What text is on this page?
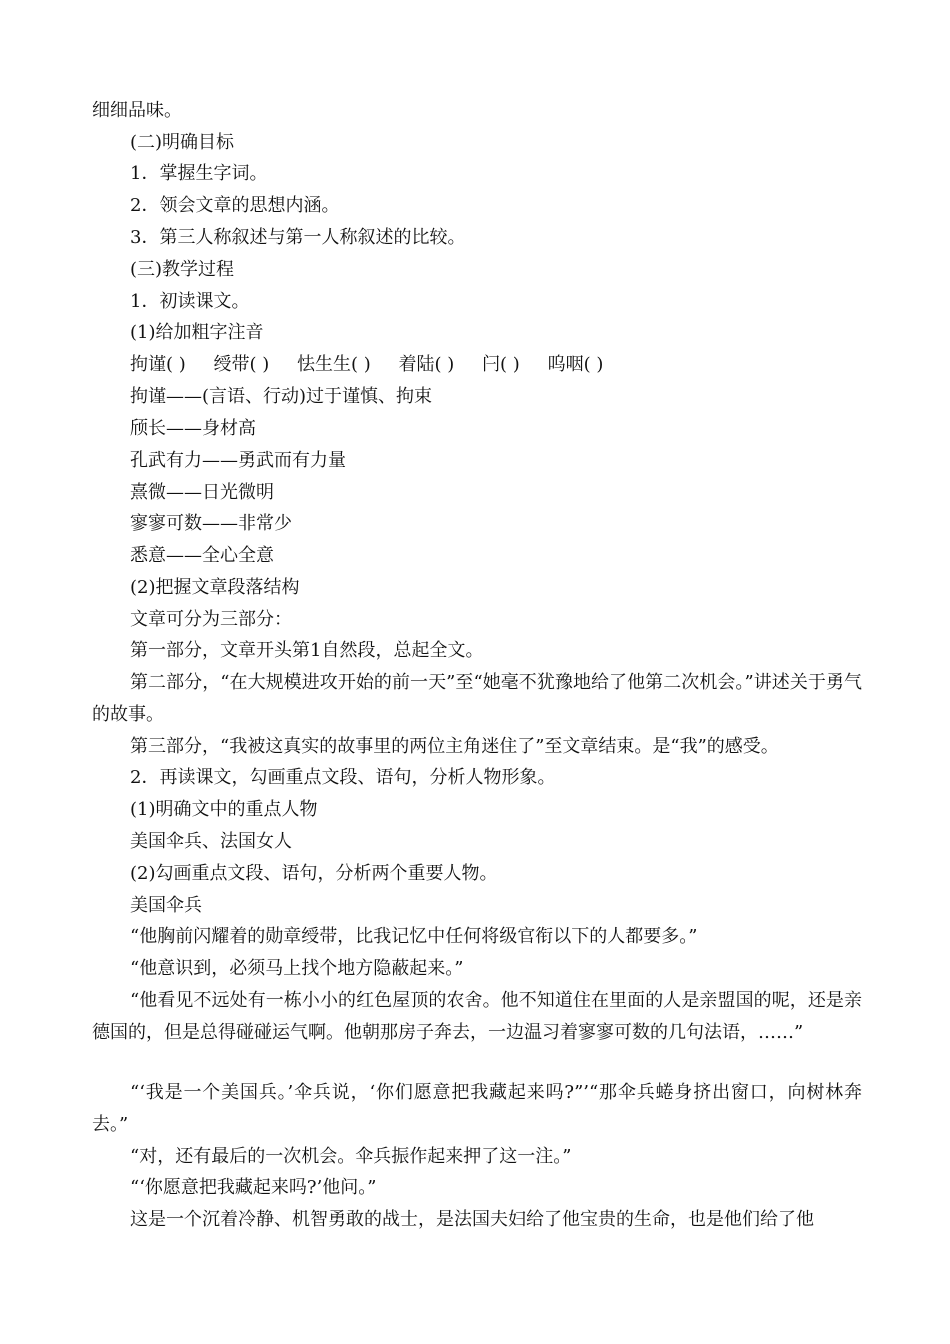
细细品味。
(二)明确目标
1．掌握生字词。
2．领会文章的思想内涵。
3．第三人称叙述与第一人称叙述的比较。
(三)教学过程
1．初读课文。
(1)给加粗字注音
拘谨( ) 绶带( ) 怯生生( ) 着陆( ) 闩( ) 呜咽( )
拘谨——(言语、行动)过于谨慎、拘束
颀长——身材高
孔武有力——勇武而有力量
熹微——日光微明
寥寥可数——非常少
悉意——全心全意
(2)把握文章段落结构
文章可分为三部分：
第一部分，文章开头第1自然段，总起全文。
第二部分，“在大规模进攻开始的前一天”至“她毫不犹豫地给了他第二次机会。”讲述关于勇气的故事。
第三部分，“我被这真实的故事里的两位主角迷住了”至文章结束。是“我”的感受。
2．再读课文，勾画重点文段、语句，分析人物形象。
(1)明确文中的重点人物
美国伞兵、法国女人
(2)勾画重点文段、语句，分析两个重要人物。
美国伞兵
“他胸前闪耀着的勋章绶带，比我记忆中任何将级官衔以下的人都要多。”
“他意识到，必须马上找个地方隐蔽起来。”
“他看见不远处有一栋小小的红色屋顶的农舍。他不知道住在里面的人是亲盟国的呢，还是亲德国的，但是总得碰碰运气啊。他朝那房子奔去，一边温习着寥寥可数的几句法语，……”
“‘我是一个美国兵。’伞兵说，‘你们愿意把我藏起来吗?”’“那伞兵蜷身挤出窗口，向树林奔去。”
“对，还有最后的一次机会。伞兵振作起来押了这一注。”
“‘你愿意把我藏起来吗?’他问。”
这是一个沉着冷静、机智勇敢的战士，是法国夫妇给了他宝贵的生命，也是他们给了他
